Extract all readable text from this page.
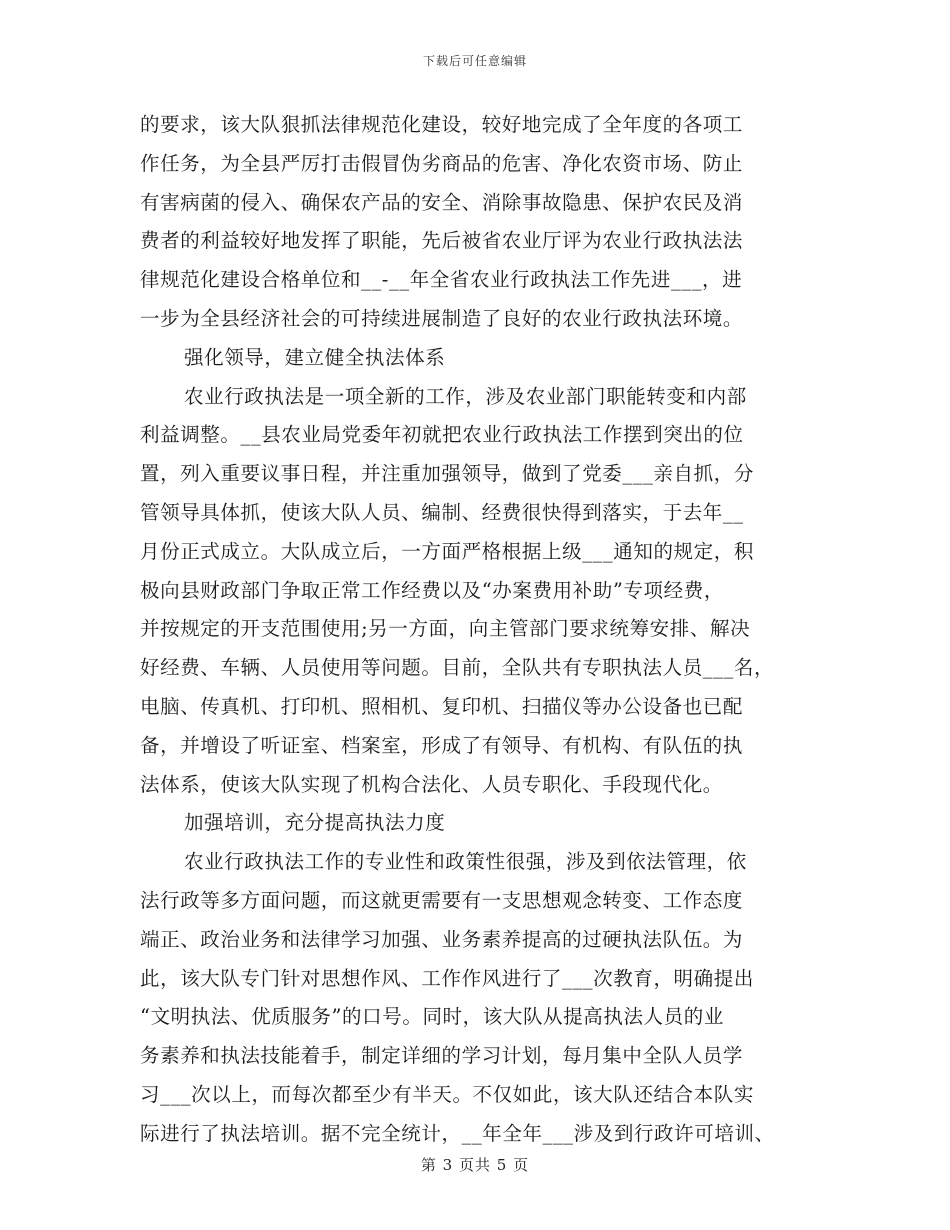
下载后可任意编辑
的要求，该大队狠抓法律规范化建设，较好地完成了全年度的各项工
作任务，为全县严厉打击假冒伪劣商品的危害、净化农资市场、防止
有害病菌的侵入、确保农产品的安全、消除事故隐患、保护农民及消
费者的利益较好地发挥了职能，先后被省农业厅评为农业行政执法法
律规范化建设合格单位和__-__年全省农业行政执法工作先进___，进
一步为全县经济社会的可持续进展制造了良好的农业行政执法环境。
强化领导，建立健全执法体系
农业行政执法是一项全新的工作，涉及农业部门职能转变和内部
利益调整。__县农业局党委年初就把农业行政执法工作摆到突出的位
置，列入重要议事日程，并注重加强领导，做到了党委___亲自抓，分
管领导具体抓，使该大队人员、编制、经费很快得到落实，于去年__
月份正式成立。大队成立后，一方面严格根据上级___通知的规定，积
极向县财政部门争取正常工作经费以及“办案费用补助”专项经费，
并按规定的开支范围使用;另一方面，向主管部门要求统筹安排、解决
好经费、车辆、人员使用等问题。目前，全队共有专职执法人员___名，
电脑、传真机、打印机、照相机、复印机、扫描仪等办公设备也已配
备，并增设了听证室、档案室，形成了有领导、有机构、有队伍的执
法体系，使该大队实现了机构合法化、人员专职化、手段现代化。
加强培训，充分提高执法力度
农业行政执法工作的专业性和政策性很强，涉及到依法管理，依
法行政等多方面问题，而这就更需要有一支思想观念转变、工作态度
端正、政治业务和法律学习加强、业务素养提高的过硬执法队伍。为
此，该大队专门针对思想作风、工作作风进行了___次教育，明确提出
“文明执法、优质服务”的口号。同时，该大队从提高执法人员的业
务素养和执法技能着手，制定详细的学习计划，每月集中全队人员学
习___次以上，而每次都至少有半天。不仅如此，该大队还结合本队实
际进行了执法培训。据不完全统计，__年全年___涉及到行政许可培训、
第 3 页共 5 页
